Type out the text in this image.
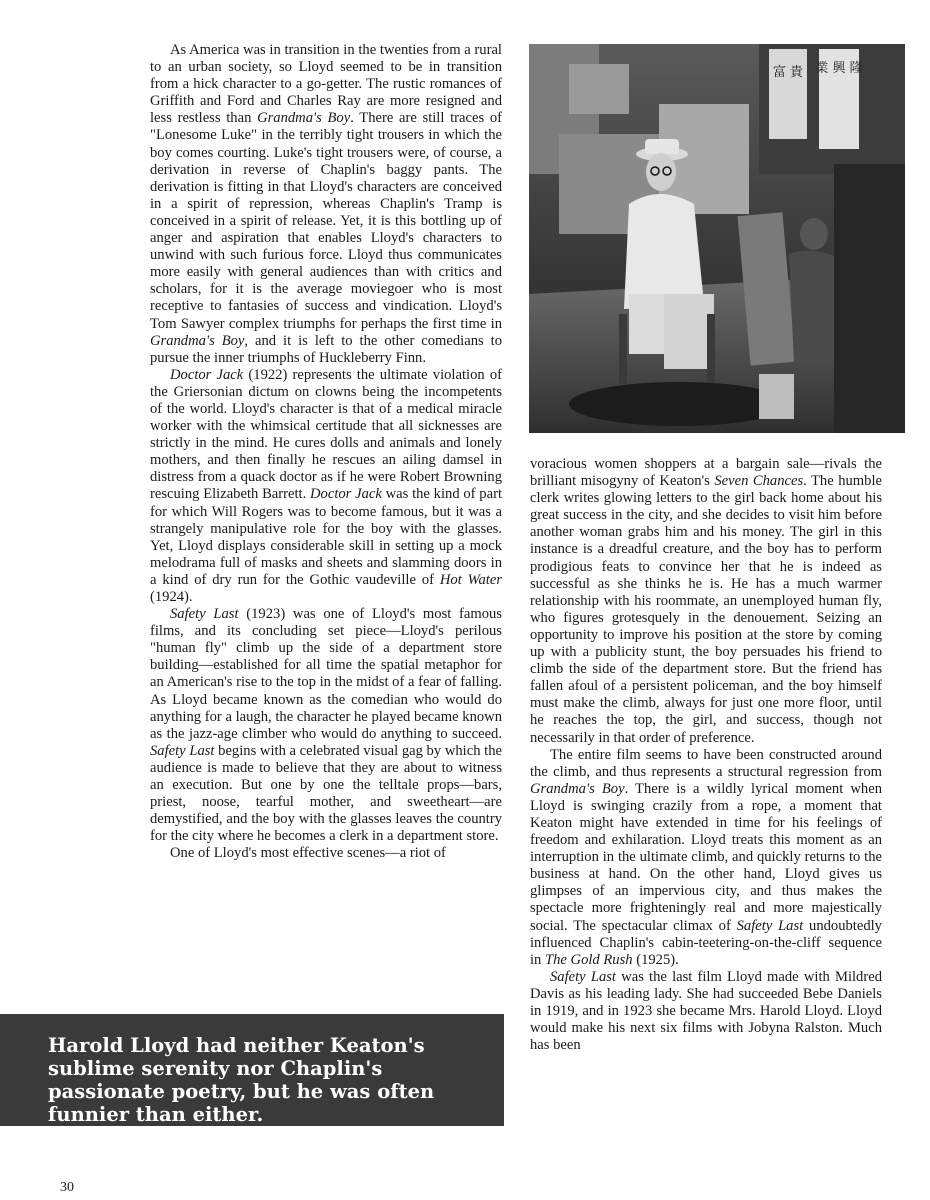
As America was in transition in the twenties from a rural to an urban society, so Lloyd seemed to be in transition from a hick character to a go-getter. The rustic romances of Griffith and Ford and Charles Ray are more resigned and less restless than Grandma's Boy. There are still traces of "Lonesome Luke" in the terribly tight trousers in which the boy comes courting. Luke's tight trousers were, of course, a derivation in reverse of Chaplin's baggy pants. The derivation is fitting in that Lloyd's characters are conceived in a spirit of repression, whereas Chaplin's Tramp is conceived in a spirit of release. Yet, it is this bottling up of anger and aspiration that enables Lloyd's characters to unwind with such furious force. Lloyd thus communicates more easily with general audiences than with critics and scholars, for it is the average moviegoer who is most receptive to fantasies of success and vindication. Lloyd's Tom Sawyer complex triumphs for perhaps the first time in Grandma's Boy, and it is left to the other comedians to pursue the inner triumphs of Huckleberry Finn.

Doctor Jack (1922) represents the ultimate violation of the Griersonian dictum on clowns being the incompetents of the world. Lloyd's character is that of a medical miracle worker with the whimsical certitude that all sicknesses are strictly in the mind. He cures dolls and animals and lonely mothers, and then finally he rescues an ailing damsel in distress from a quack doctor as if he were Robert Browning rescuing Elizabeth Barrett. Doctor Jack was the kind of part for which Will Rogers was to become famous, but it was a strangely manipulative role for the boy with the glasses. Yet, Lloyd displays considerable skill in setting up a mock melodrama full of masks and sheets and slamming doors in a kind of dry run for the Gothic vaudeville of Hot Water (1924).

Safety Last (1923) was one of Lloyd's most famous films, and its concluding set piece—Lloyd's perilous "human fly" climb up the side of a department store building—established for all time the spatial metaphor for an American's rise to the top in the midst of a fear of falling. As Lloyd became known as the comedian who would do anything for a laugh, the character he played became known as the jazz-age climber who would do anything to succeed. Safety Last begins with a celebrated visual gag by which the audience is made to believe that they are about to witness an execution. But one by one the telltale props—bars, priest, noose, tearful mother, and sweetheart—are demystified, and the boy with the glasses leaves the country for the city where he becomes a clerk in a department store.

One of Lloyd's most effective scenes—a riot of

富 貴 業 興 隆

voracious women shoppers at a bargain sale—rivals the brilliant misogyny of Keaton's Seven Chances. The humble clerk writes glowing letters to the girl back home about his great success in the city, and she decides to visit him before another woman grabs him and his money. The girl in this instance is a dreadful creature, and the boy has to perform prodigious feats to convince her that he is indeed as successful as she thinks he is. He has a much warmer relationship with his roommate, an unemployed human fly, who figures grotesquely in the denouement. Seizing an opportunity to improve his position at the store by coming up with a publicity stunt, the boy persuades his friend to climb the side of the department store. But the friend has fallen afoul of a persistent policeman, and the boy himself must make the climb, always for just one more floor, until he reaches the top, the girl, and success, though not necessarily in that order of preference.

The entire film seems to have been constructed around the climb, and thus represents a structural regression from Grandma's Boy. There is a wildly lyrical moment when Lloyd is swinging crazily from a rope, a moment that Keaton might have extended in time for his feelings of freedom and exhilaration. Lloyd treats this moment as an interruption in the ultimate climb, and quickly returns to the business at hand. On the other hand, Lloyd gives us glimpses of an impervious city, and thus makes the spectacle more frighteningly real and more majestically social. The spectacular climax of Safety Last undoubtedly influenced Chaplin's cabin-teetering-on-the-cliff sequence in The Gold Rush (1925).

Safety Last was the last film Lloyd made with Mildred Davis as his leading lady. She had succeeded Bebe Daniels in 1919, and in 1923 she became Mrs. Harold Lloyd. Lloyd would make his next six films with Jobyna Ralston. Much has been

Harold Lloyd had neither Keaton's sublime serenity nor Chaplin's passionate poetry, but he was often funnier than either.
30
